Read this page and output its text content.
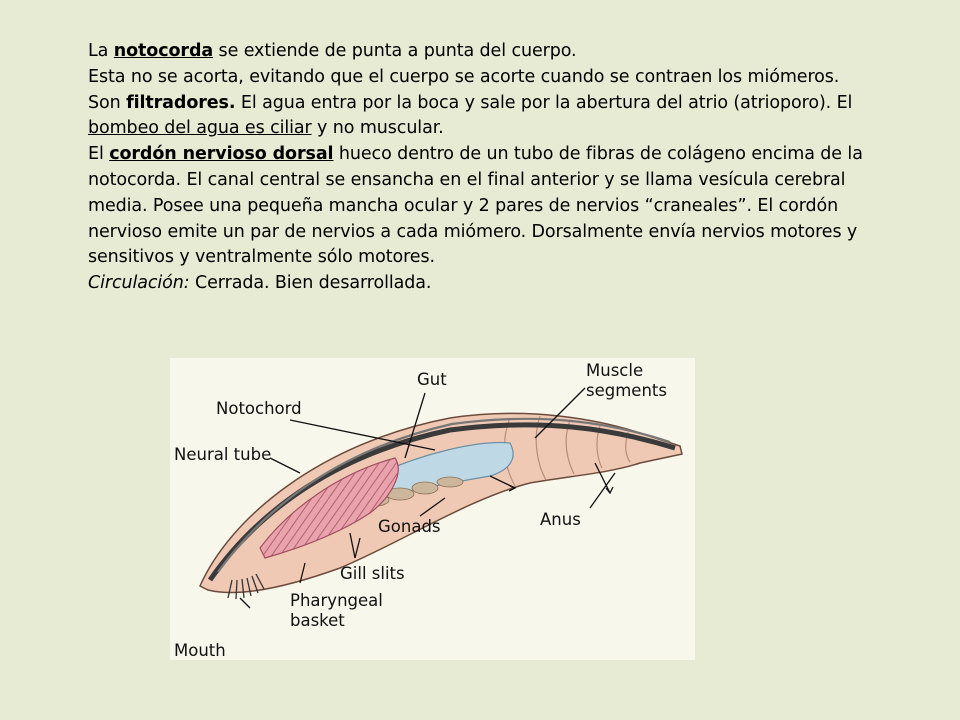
La notocorda se extiende de punta a punta del cuerpo.

Esta no se acorta, evitando que el cuerpo se acorte cuando se contraen los miómeros.

Son filtradores. El agua entra por la boca y sale por la abertura del atrio (atrioporo). El bombeo del agua es ciliar y no muscular.

El cordón nervioso dorsal hueco dentro de un tubo de fibras de colágeno encima de la notocorda. El canal central se ensancha en el final anterior y se llama vesícula cerebral media. Posee una pequeña mancha ocular y 2 pares de nervios “craneales”. El cordón nervioso emite un par de nervios a cada miómero. Dorsalmente envía nervios motores y sensitivos y ventralmente sólo motores.

Circulación: Cerrada. Bien desarrollada.

Gut	Muscle
segments
Notochord
Neural tube
Gonads	Anus
Gill slits
Pharyngeal
basket
Mouth
